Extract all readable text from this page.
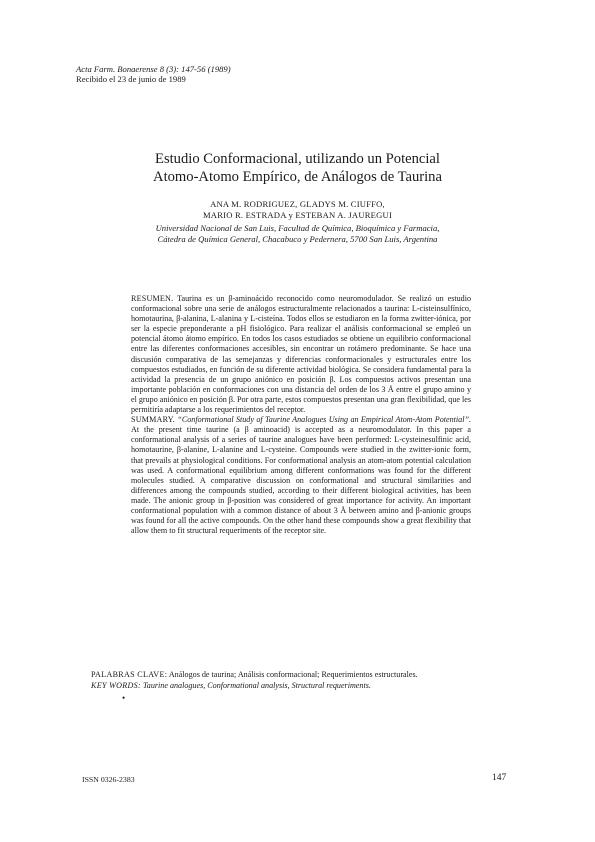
Acta Farm. Bonaerense 8 (3): 147-56 (1989)
Recibido el 23 de junio de 1989
Estudio Conformacional, utilizando un Potencial
Atomo-Atomo Empírico, de Análogos de Taurina
ANA M. RODRIGUEZ, GLADYS M. CIUFFO,
MARIO R. ESTRADA y ESTEBAN A. JAUREGUI
Universidad Nacional de San Luis, Facultad de Química, Bioquímica y Farmacia,
Cátedra de Química General, Chacabuco y Pedernera, 5700 San Luis, Argentina

RESUMEN. Taurina es un β-aminoácido reconocido como neuromodulador. Se realizó un estudio conformacional sobre una serie de análogos estructuralmente relacionados a taurina: L-cisteinsulfínico, homotaurina, β-alanina, L-alanina y L-cisteína. Todos ellos se estudiaron en la forma zwitter-iónica, por ser la especie preponderante a pH fisiológico. Para realizar el análisis conformacional se empleó un potencial átomo átomo empírico. En todos los casos estudiados se obtiene un equilibrio conformacional entre las diferentes conformaciones accesibles, sin encontrar un rotámero predominante. Se hace una discusión comparativa de las semejanzas y diferencias conformacionales y estructurales entre los compuestos estudiados, en función de su diferente actividad biológica. Se considera fundamental para la actividad la presencia de un grupo aniónico en posición β. Los compuestos activos presentan una importante población en conformaciones con una distancia del orden de los 3 Å entre el grupo amino y el grupo aniónico en posición β. Por otra parte, estos compuestos presentan una gran flexibilidad, que les permitiría adaptarse a los requerimientos del receptor.

SUMMARY. “Conformational Study of Taurine Analogues Using an Empirical Atom-Atom Potential”. At the present time taurine (a β aminoacid) is accepted as a neuromodulator. In this paper a conformational analysis of a series of taurine analogues have been performed: L-cysteinesulfinic acid, homotaurine, β-alanine, L-alanine and L-cysteine. Compounds were studied in the zwitter-ionic form, that prevails at physiological conditions. For conformational analysis an atom-atom potential calculation was used. A conformational equilibrium among different conformations was found for the different molecules studied. A comparative discussion on conformational and structural similarities and differences among the compounds studied, according to their different biological activities, has been made. The anionic group in β-position was considered of great importance for activity. An important conformational population with a common distance of about 3 Å between amino and β-anionic groups was found for all the active compounds. On the other hand these compounds show a great flexibility that allow them to fit structural requeriments of the receptor site.

PALABRAS CLAVE: Análogos de taurina; Análisis conformacional; Requerimientos estructurales.
KEY WORDS: Taurine analogues, Conformational analysis, Structural requeriments.
•
ISSN 0326-2383	147
